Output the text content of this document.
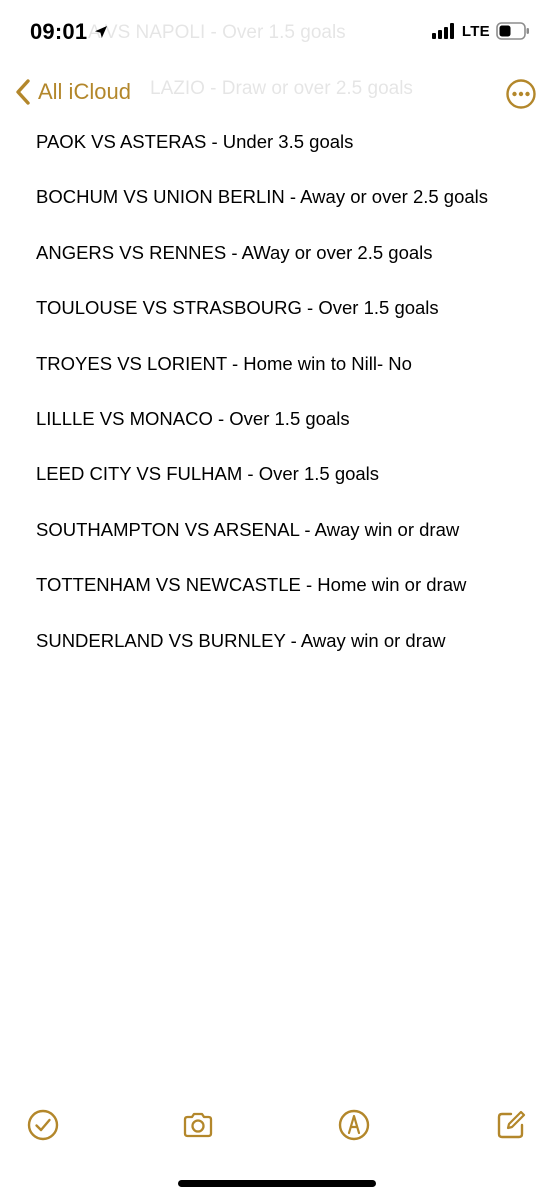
09:01	LTE
A VS NAPOLI - Over 1.5 goals
LAZIO - Draw or over 2.5 goals
All iCloud
PAOK VS ASTERAS - Under 3.5 goals
BOCHUM VS UNION BERLIN - Away or over 2.5 goals
ANGERS VS RENNES - AWay or over 2.5 goals
TOULOUSE VS STRASBOURG - Over 1.5 goals
TROYES VS LORIENT - Home win to Nill- No
LILLLE VS MONACO - Over 1.5 goals
LEED CITY VS FULHAM - Over 1.5 goals
SOUTHAMPTON VS ARSENAL - Away win or draw
TOTTENHAM VS NEWCASTLE - Home win or draw
SUNDERLAND VS BURNLEY - Away win or draw
